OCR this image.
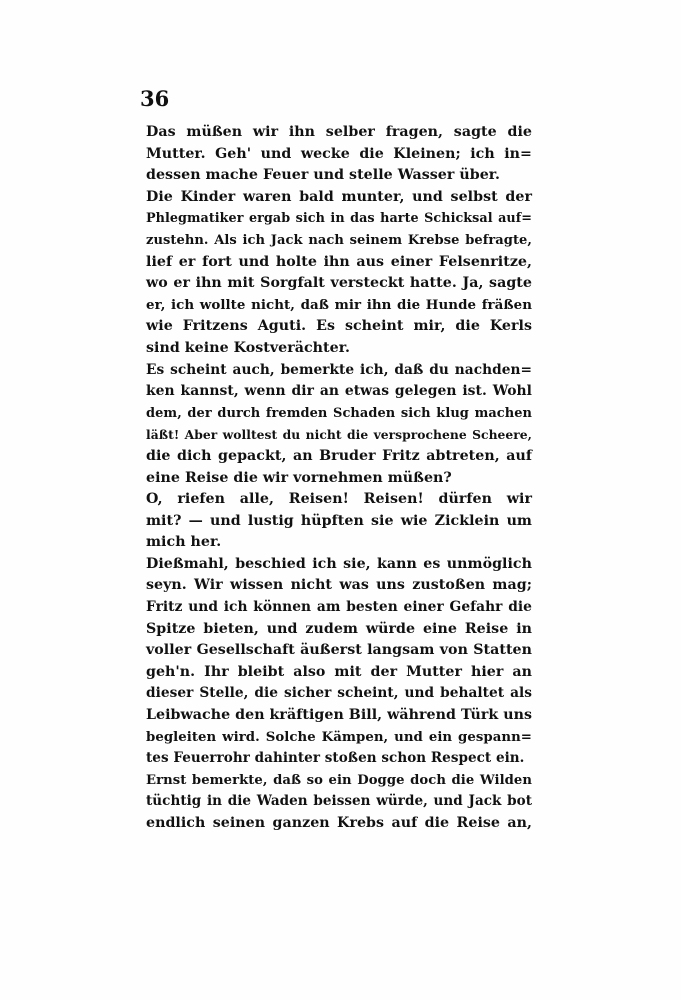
36
Das müßen wir ihn selber fragen, sagte die
Mutter. Geh' und wecke die Kleinen; ich in=
dessen mache Feuer und stelle Wasser über.
Die Kinder waren bald munter, und selbst der
Phlegmatiker ergab sich in das harte Schicksal auf=
zustehn. Als ich Jack nach seinem Krebse befragte,
lief er fort und holte ihn aus einer Felsenritze,
wo er ihn mit Sorgfalt versteckt hatte. Ja, sagte
er, ich wollte nicht, daß mir ihn die Hunde fräßen
wie Fritzens Aguti. Es scheint mir, die Kerls
sind keine Kostverächter.
Es scheint auch, bemerkte ich, daß du nachden=
ken kannst, wenn dir an etwas gelegen ist. Wohl
dem, der durch fremden Schaden sich klug machen
läßt! Aber wolltest du nicht die versprochene Scheere,
die dich gepackt, an Bruder Fritz abtreten, auf
eine Reise die wir vornehmen müßen?
O, riefen alle, Reisen! Reisen! dürfen wir
mit? — und lustig hüpften sie wie Zicklein um
mich her.
Dießmahl, beschied ich sie, kann es unmöglich
seyn. Wir wissen nicht was uns zustoßen mag;
Fritz und ich können am besten einer Gefahr die
Spitze bieten, und zudem würde eine Reise in
voller Gesellschaft äußerst langsam von Statten
geh'n. Ihr bleibt also mit der Mutter hier an
dieser Stelle, die sicher scheint, und behaltet als
Leibwache den kräftigen Bill, während Türk uns
begleiten wird. Solche Kämpen, und ein gespann=
tes Feuerrohr dahinter stoßen schon Respect ein.
Ernst bemerkte, daß so ein Dogge doch die Wilden
tüchtig in die Waden beissen würde, und Jack bot
endlich seinen ganzen Krebs auf die Reise an,
